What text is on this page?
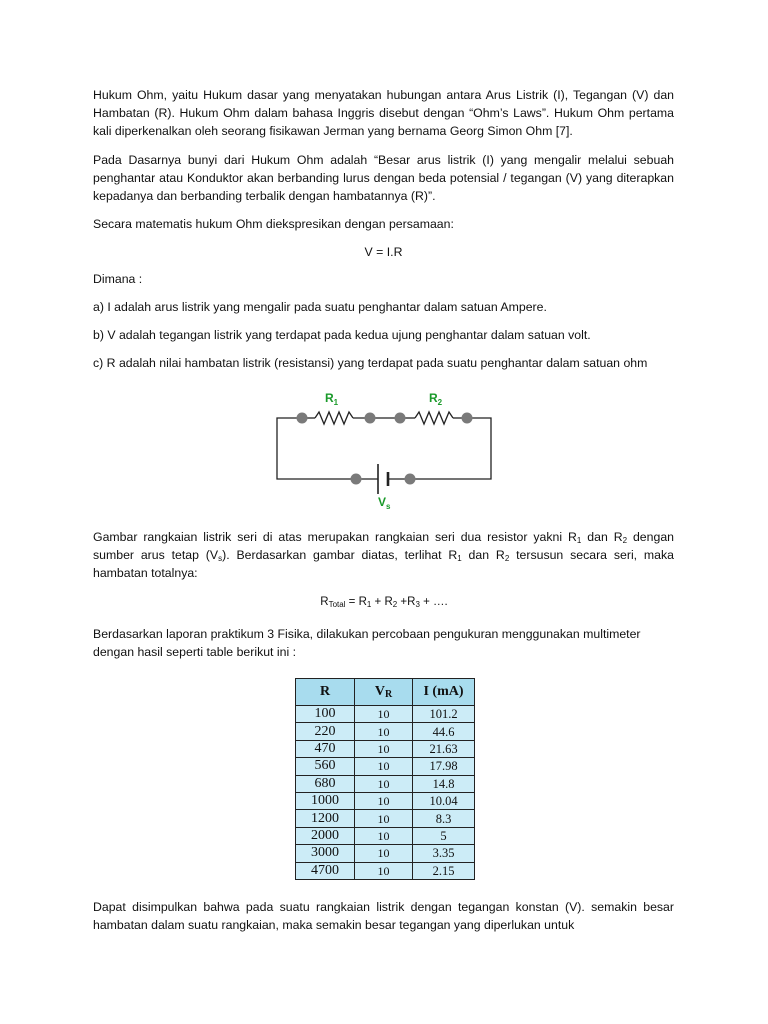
Hukum Ohm, yaitu Hukum dasar yang menyatakan hubungan antara Arus Listrik (I), Tegangan (V) dan Hambatan (R). Hukum Ohm dalam bahasa Inggris disebut dengan “Ohm’s Laws”. Hukum Ohm pertama kali diperkenalkan oleh seorang fisikawan Jerman yang bernama Georg Simon Ohm [7].

Pada Dasarnya bunyi dari Hukum Ohm adalah “Besar arus listrik (I) yang mengalir melalui sebuah penghantar atau Konduktor akan berbanding lurus dengan beda potensial / tegangan (V) yang diterapkan kepadanya dan berbanding terbalik dengan hambatannya (R)”.

Secara matematis hukum Ohm diekspresikan dengan persamaan:

V = I.R

Dimana :

a) I adalah arus listrik yang mengalir pada suatu penghantar dalam satuan Ampere.

b) V adalah tegangan listrik yang terdapat pada kedua ujung penghantar dalam satuan volt.

c) R adalah nilai hambatan listrik (resistansi) yang terdapat pada suatu penghantar dalam satuan ohm

$R_1$	$R_2$
$V_s$

Gambar rangkaian listrik seri di atas merupakan rangkaian seri dua resistor yakni $R_1$ dan $R_2$ dengan sumber arus tetap $(V_s)$. Berdasarkan gambar diatas, terlihat $R_1$ dan $R_2$ tersusun secara seri, maka hambatan totalnya:

$R_{Total} = R_1 + R_2 +R_3$ + ….

Berdasarkan laporan praktikum 3 Fisika, dilakukan percobaan pengukuran menggunakan multimeter dengan hasil seperti table berikut ini :

R	$V_R$	I (mA)
100	10	101.2
220	10	44.6
470	10	21.63
560	10	17.98
680	10	14.8
1000	10	10.04
1200	10	8.3
2000	10	5
3000	10	3.35
4700	10	2.15

Dapat disimpulkan bahwa pada suatu rangkaian listrik dengan tegangan konstan (V). semakin besar hambatan dalam suatu rangkaian, maka semakin besar tegangan yang diperlukan untuk
